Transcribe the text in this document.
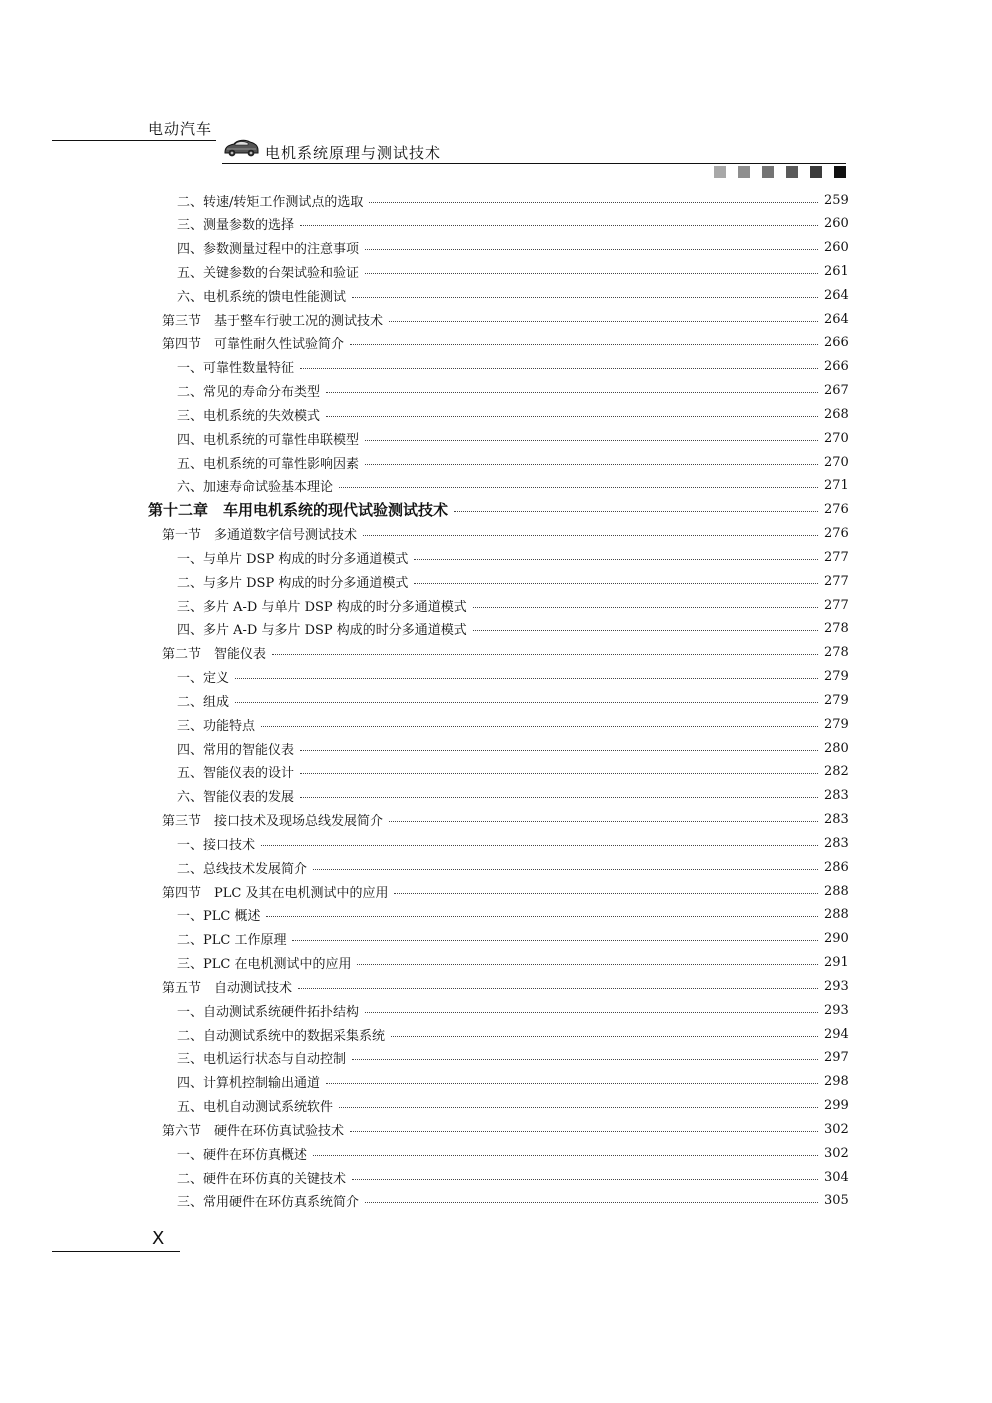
电动汽车
电机系统原理与测试技术
二、转速/转矩工作测试点的选取	259
三、测量参数的选择	260
四、参数测量过程中的注意事项	260
五、关键参数的台架试验和验证	261
六、电机系统的馈电性能测试	264
第三节　基于整车行驶工况的测试技术	264
第四节　可靠性耐久性试验简介	266
一、可靠性数量特征	266
二、常见的寿命分布类型	267
三、电机系统的失效模式	268
四、电机系统的可靠性串联模型	270
五、电机系统的可靠性影响因素	270
六、加速寿命试验基本理论	271
第十二章　车用电机系统的现代试验测试技术	276
第一节　多通道数字信号测试技术	276
一、与单片 DSP 构成的时分多通道模式	277
二、与多片 DSP 构成的时分多通道模式	277
三、多片 A-D 与单片 DSP 构成的时分多通道模式	277
四、多片 A-D 与多片 DSP 构成的时分多通道模式	278
第二节　智能仪表	278
一、定义	279
二、组成	279
三、功能特点	279
四、常用的智能仪表	280
五、智能仪表的设计	282
六、智能仪表的发展	283
第三节　接口技术及现场总线发展简介	283
一、接口技术	283
二、总线技术发展简介	286
第四节　PLC 及其在电机测试中的应用	288
一、PLC 概述	288
二、PLC 工作原理	290
三、PLC 在电机测试中的应用	291
第五节　自动测试技术	293
一、自动测试系统硬件拓扑结构	293
二、自动测试系统中的数据采集系统	294
三、电机运行状态与自动控制	297
四、计算机控制输出通道	298
五、电机自动测试系统软件	299
第六节　硬件在环仿真试验技术	302
一、硬件在环仿真概述	302
二、硬件在环仿真的关键技术	304
三、常用硬件在环仿真系统简介	305
X
